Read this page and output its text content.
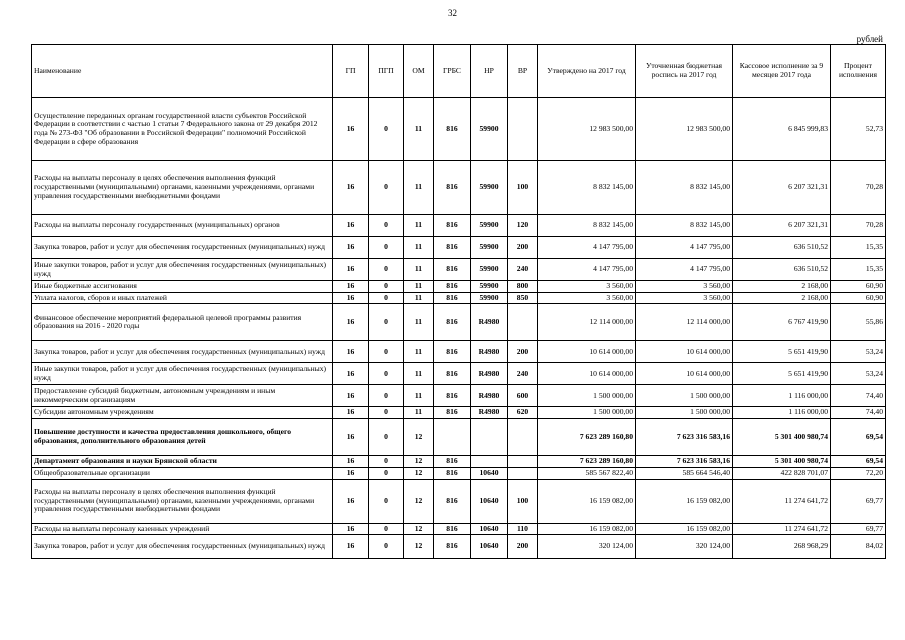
32
рублей
Наименование	ГП	ПГП	ОМ	ГРБС	НР	ВР	Утверждено на 2017 год	Уточненная бюджетная роспись на 2017 год	Кассовое исполнение за 9 месяцев 2017 года	Процент исполнения
Осуществление переданных органам государственной власти субъектов Российской Федерации в соответствии с частью 1 статьи 7 Федерального закона от 29 декабря 2012 года № 273-ФЗ "Об образовании в Российской Федерации" полномочий Российской Федерации в сфере образования	16	0	11	816	59900		12 983 500,00	12 983 500,00	6 845 999,83	52,73
Расходы на выплаты персоналу в целях обеспечения выполнения функций государственными (муниципальными) органами, казенными учреждениями, органами управления государственными внебюджетными фондами	16	0	11	816	59900	100	8 832 145,00	8 832 145,00	6 207 321,31	70,28
Расходы на выплаты персоналу государственных (муниципальных) органов	16	0	11	816	59900	120	8 832 145,00	8 832 145,00	6 207 321,31	70,28
Закупка товаров, работ и услуг для обеспечения государственных (муниципальных) нужд	16	0	11	816	59900	200	4 147 795,00	4 147 795,00	636 510,52	15,35
Иные закупки товаров, работ и услуг для обеспечения государственных (муниципальных) нужд	16	0	11	816	59900	240	4 147 795,00	4 147 795,00	636 510,52	15,35
Иные бюджетные ассигнования	16	0	11	816	59900	800	3 560,00	3 560,00	2 168,00	60,90
Уплата налогов, сборов и иных платежей	16	0	11	816	59900	850	3 560,00	3 560,00	2 168,00	60,90
Финансовое обеспечение мероприятий федеральной целевой программы развития образования на 2016 - 2020 годы	16	0	11	816	R4980		12 114 000,00	12 114 000,00	6 767 419,90	55,86
Закупка товаров, работ и услуг для обеспечения государственных (муниципальных) нужд	16	0	11	816	R4980	200	10 614 000,00	10 614 000,00	5 651 419,90	53,24
Иные закупки товаров, работ и услуг для обеспечения государственных (муниципальных) нужд	16	0	11	816	R4980	240	10 614 000,00	10 614 000,00	5 651 419,90	53,24
Предоставление субсидий бюджетным, автономным учреждениям и иным некоммерческим организациям	16	0	11	816	R4980	600	1 500 000,00	1 500 000,00	1 116 000,00	74,40
Субсидии автономным учреждениям	16	0	11	816	R4980	620	1 500 000,00	1 500 000,00	1 116 000,00	74,40
Повышение доступности и качества предоставления дошкольного, общего образования, дополнительного образования детей	16	0	12				7 623 289 160,80	7 623 316 583,16	5 301 400 980,74	69,54
Департамент образования и науки Брянской области	16	0	12	816			7 623 289 160,80	7 623 316 583,16	5 301 400 980,74	69,54
Общеобразовательные организации	16	0	12	816	10640		585 567 822,40	585 664 546,40	422 828 701,07	72,20
Расходы на выплаты персоналу в целях обеспечения выполнения функций государственными (муниципальными) органами, казенными учреждениями, органами управления государственными внебюджетными фондами	16	0	12	816	10640	100	16 159 082,00	16 159 082,00	11 274 641,72	69,77
Расходы на выплаты персоналу казенных учреждений	16	0	12	816	10640	110	16 159 082,00	16 159 082,00	11 274 641,72	69,77
Закупка товаров, работ и услуг для обеспечения государственных (муниципальных) нужд	16	0	12	816	10640	200	320 124,00	320 124,00	268 968,29	84,02
